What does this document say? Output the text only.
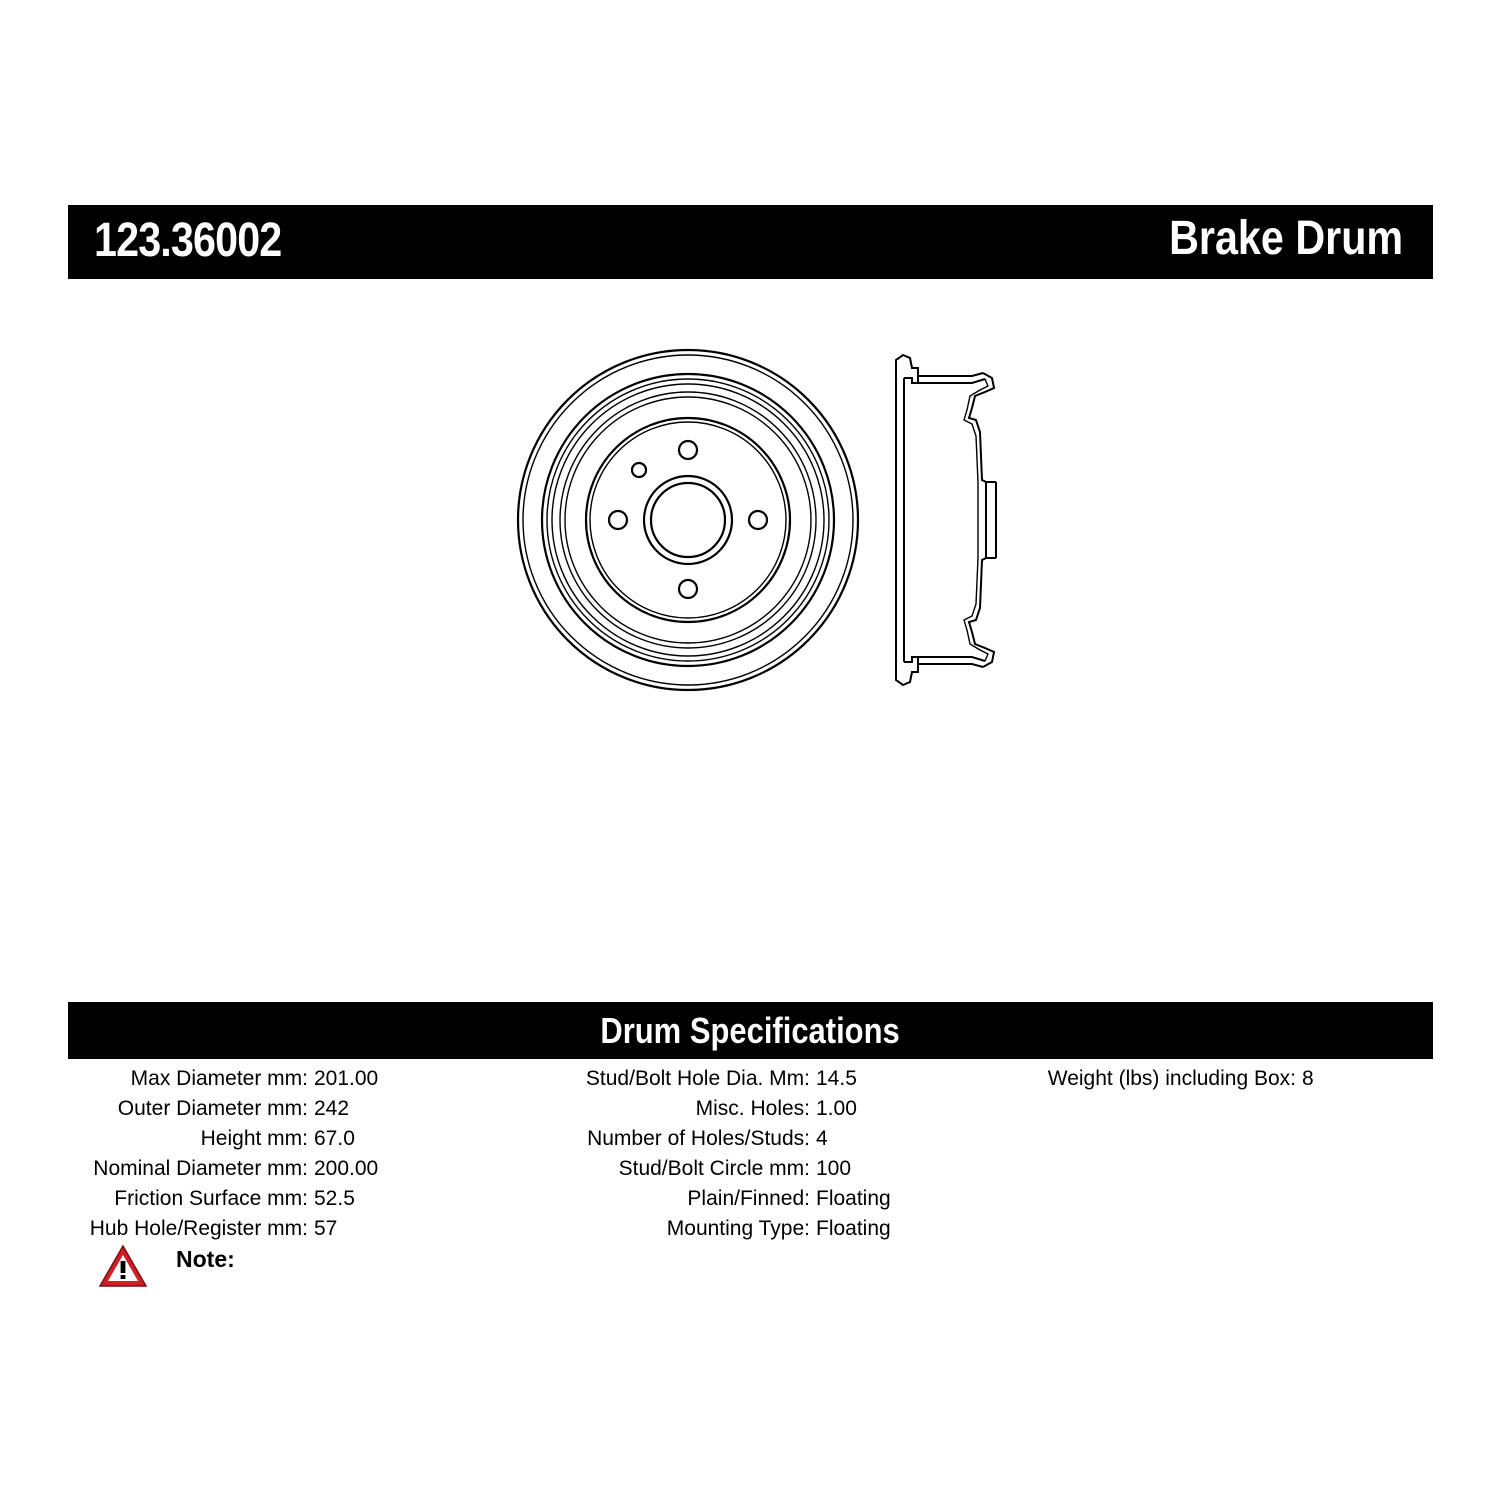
123.36002	Brake Drum
Drum Specifications
Max Diameter mm: 201.00
Outer Diameter mm: 242
Height mm: 67.0
Nominal Diameter mm: 200.00
Friction Surface mm: 52.5
Hub Hole/Register mm: 57
Stud/Bolt Hole Dia. Mm: 14.5
Misc. Holes: 1.00
Number of Holes/Studs: 4
Stud/Bolt Circle mm: 100
Plain/Finned: Floating
Mounting Type: Floating
Weight (lbs) including Box: 8
Note:
